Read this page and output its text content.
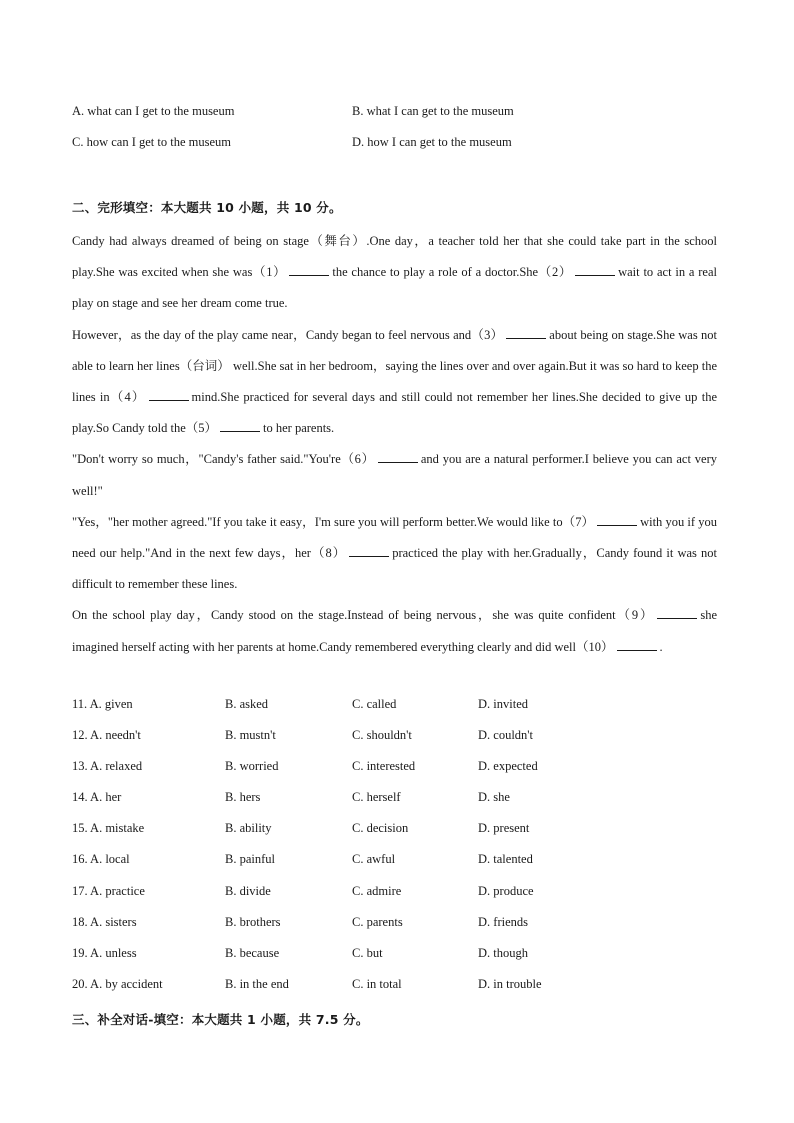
A. what can I get to the museum	B. what I can get to the museum
C. how can I get to the museum	D. how I can get to the museum
二、完形填空：本大题共 10 小题，共 10 分。

Candy had always dreamed of being on stage（舞台）.One day，a teacher told her that she could take part in the school play.She was excited when she was（1）	the chance to play a role of a doctor.She（2）	wait to act in a real play on stage and see her dream come true.

However，as the day of the play came near，Candy began to feel nervous and（3）	about being on stage.She was not able to learn her lines（台词） well.She sat in her bedroom，saying the lines over and over again.But it was so hard to keep the lines in（4）	mind.She practiced for several days and still could not remember her lines.She decided to give up the play.So Candy told the（5）	to her parents.

"Don't worry so much，"Candy's father said."You're（6）	and you are a natural performer.I believe you can act very well!"

"Yes，"her mother agreed."If you take it easy，I'm sure you will perform better.We would like to（7）	with you if you need our help."And in the next few days，her（8）	practiced the play with her.Gradually，Candy found it was not difficult to remember these lines.

On the school play day，Candy stood on the stage.Instead of being nervous，she was quite confident（9）	she imagined herself acting with her parents at home.Candy remembered everything clearly and did well（10）	.

11. A. given	B. asked	C. called	D. invited
12. A. needn't	B. mustn't	C. shouldn't	D. couldn't
13. A. relaxed	B. worried	C. interested	D. expected
14. A. her	B. hers	C. herself	D. she
15. A. mistake	B. ability	C. decision	D. present
16. A. local	B. painful	C. awful	D. talented
17. A. practice	B. divide	C. admire	D. produce
18. A. sisters	B. brothers	C. parents	D. friends
19. A. unless	B. because	C. but	D. though
20. A. by accident	B. in the end	C. in total	D. in trouble
三、补全对话-填空：本大题共 1 小题，共 7.5 分。
